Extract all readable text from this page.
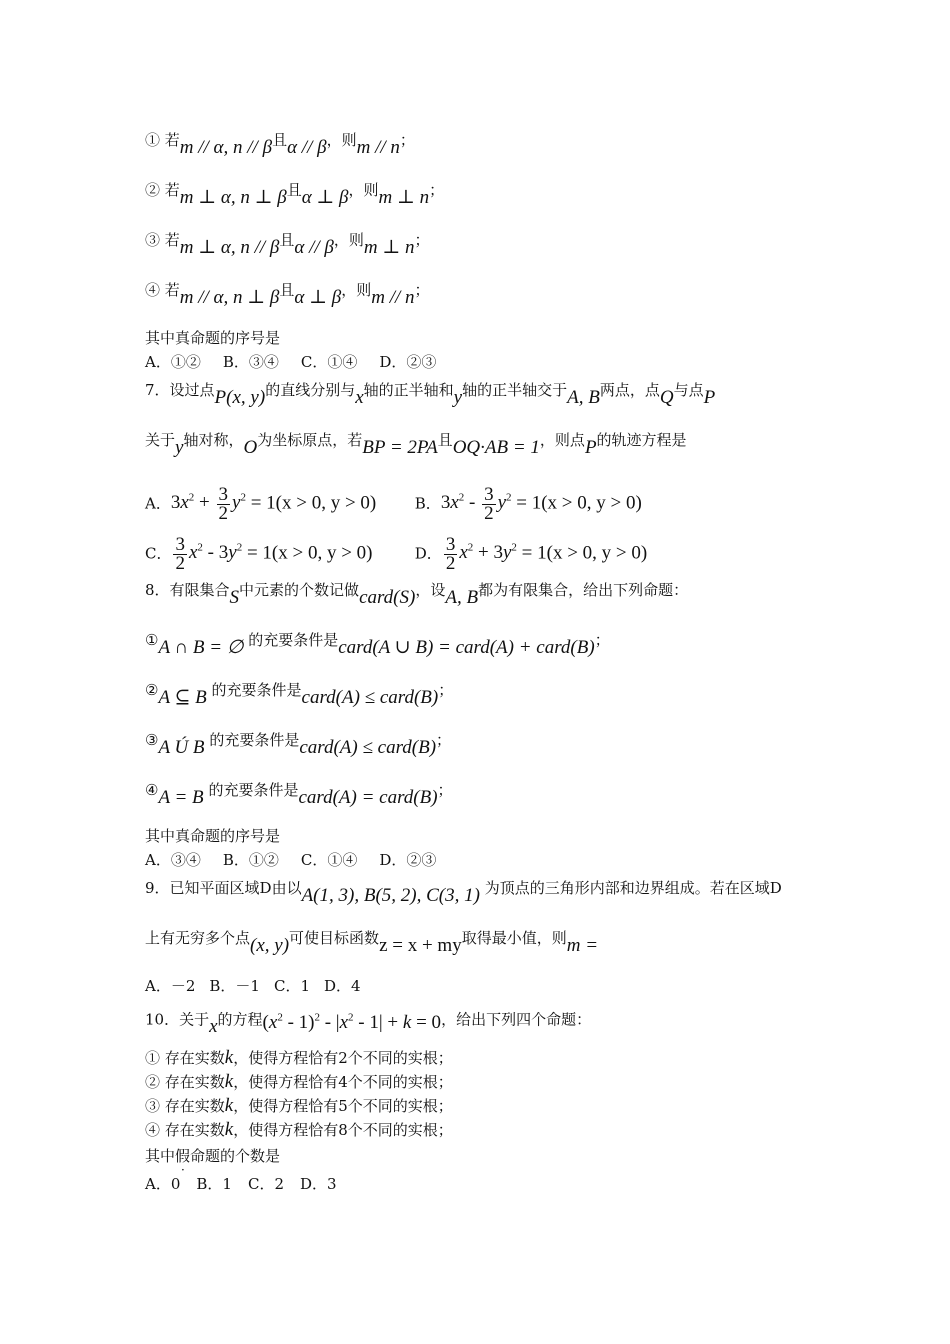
① 若m // α, n // β且α // β，则m // n；
② 若m ⊥ α, n ⊥ β且α ⊥ β，则m ⊥ n；
③ 若m ⊥ α, n // β且α // β，则m ⊥ n；
④ 若m // α, n ⊥ β且α ⊥ β，则m // n；
其中真命题的序号是
A．①② B．③④ C．①④ D．②③
7．设过点P(x, y)的直线分别与x轴的正半轴和y轴的正半轴交于A, B两点，点Q与点P
关于y轴对称，O为坐标原点，若BP = 2PA且OQ·AB = 1，则点P的轨迹方程是
A．$3x^2 + \frac{3}{2} y^2 = 1(x > 0$, y > 0)	B．$3x^2 - \frac{3}{2} y^2 = 1(x > 0$, y > 0)
C． $\frac{3}{2} x^2 - 3y^2 = 1(x > 0$, y > 0)	D． $\frac{3}{2} x^2 + 3y^2 = 1(x > 0$, y > 0)
8．有限集合S中元素的个数记做card(S)，设A, B都为有限集合，给出下列命题：
①A ∩ B = ∅ 的充要条件是card(A ∪ B) = card(A) + card(B)；
②A ⊆ B 的充要条件是card(A) ≤ card(B)；
③A Ú B 的充要条件是card(A) ≤ card(B)；
④A = B 的充要条件是card(A) = card(B)；
其中真命题的序号是
A．③④ B．①② C．①④ D．②③
9．已知平面区域D由以A(1, 3), B(5, 2), C(3, 1) 为顶点的三角形内部和边界组成。若在区域D
上有无穷多个点(x, y)可使目标函数z = x + my取得最小值，则m =
A．－2 B．－1 C．1 D．4
10．关于x的方程$(x^2 - 1)^2 - |x^2 - 1| + k = 0$，给出下列四个命题：
① 存在实数k，使得方程恰有2个不同的实根；
② 存在实数k，使得方程恰有4个不同的实根；
③ 存在实数k，使得方程恰有5个不同的实根；
④ 存在实数k，使得方程恰有8个不同的实根；
其中假命题的个数是
A．0 B．1 C．2 D．3
